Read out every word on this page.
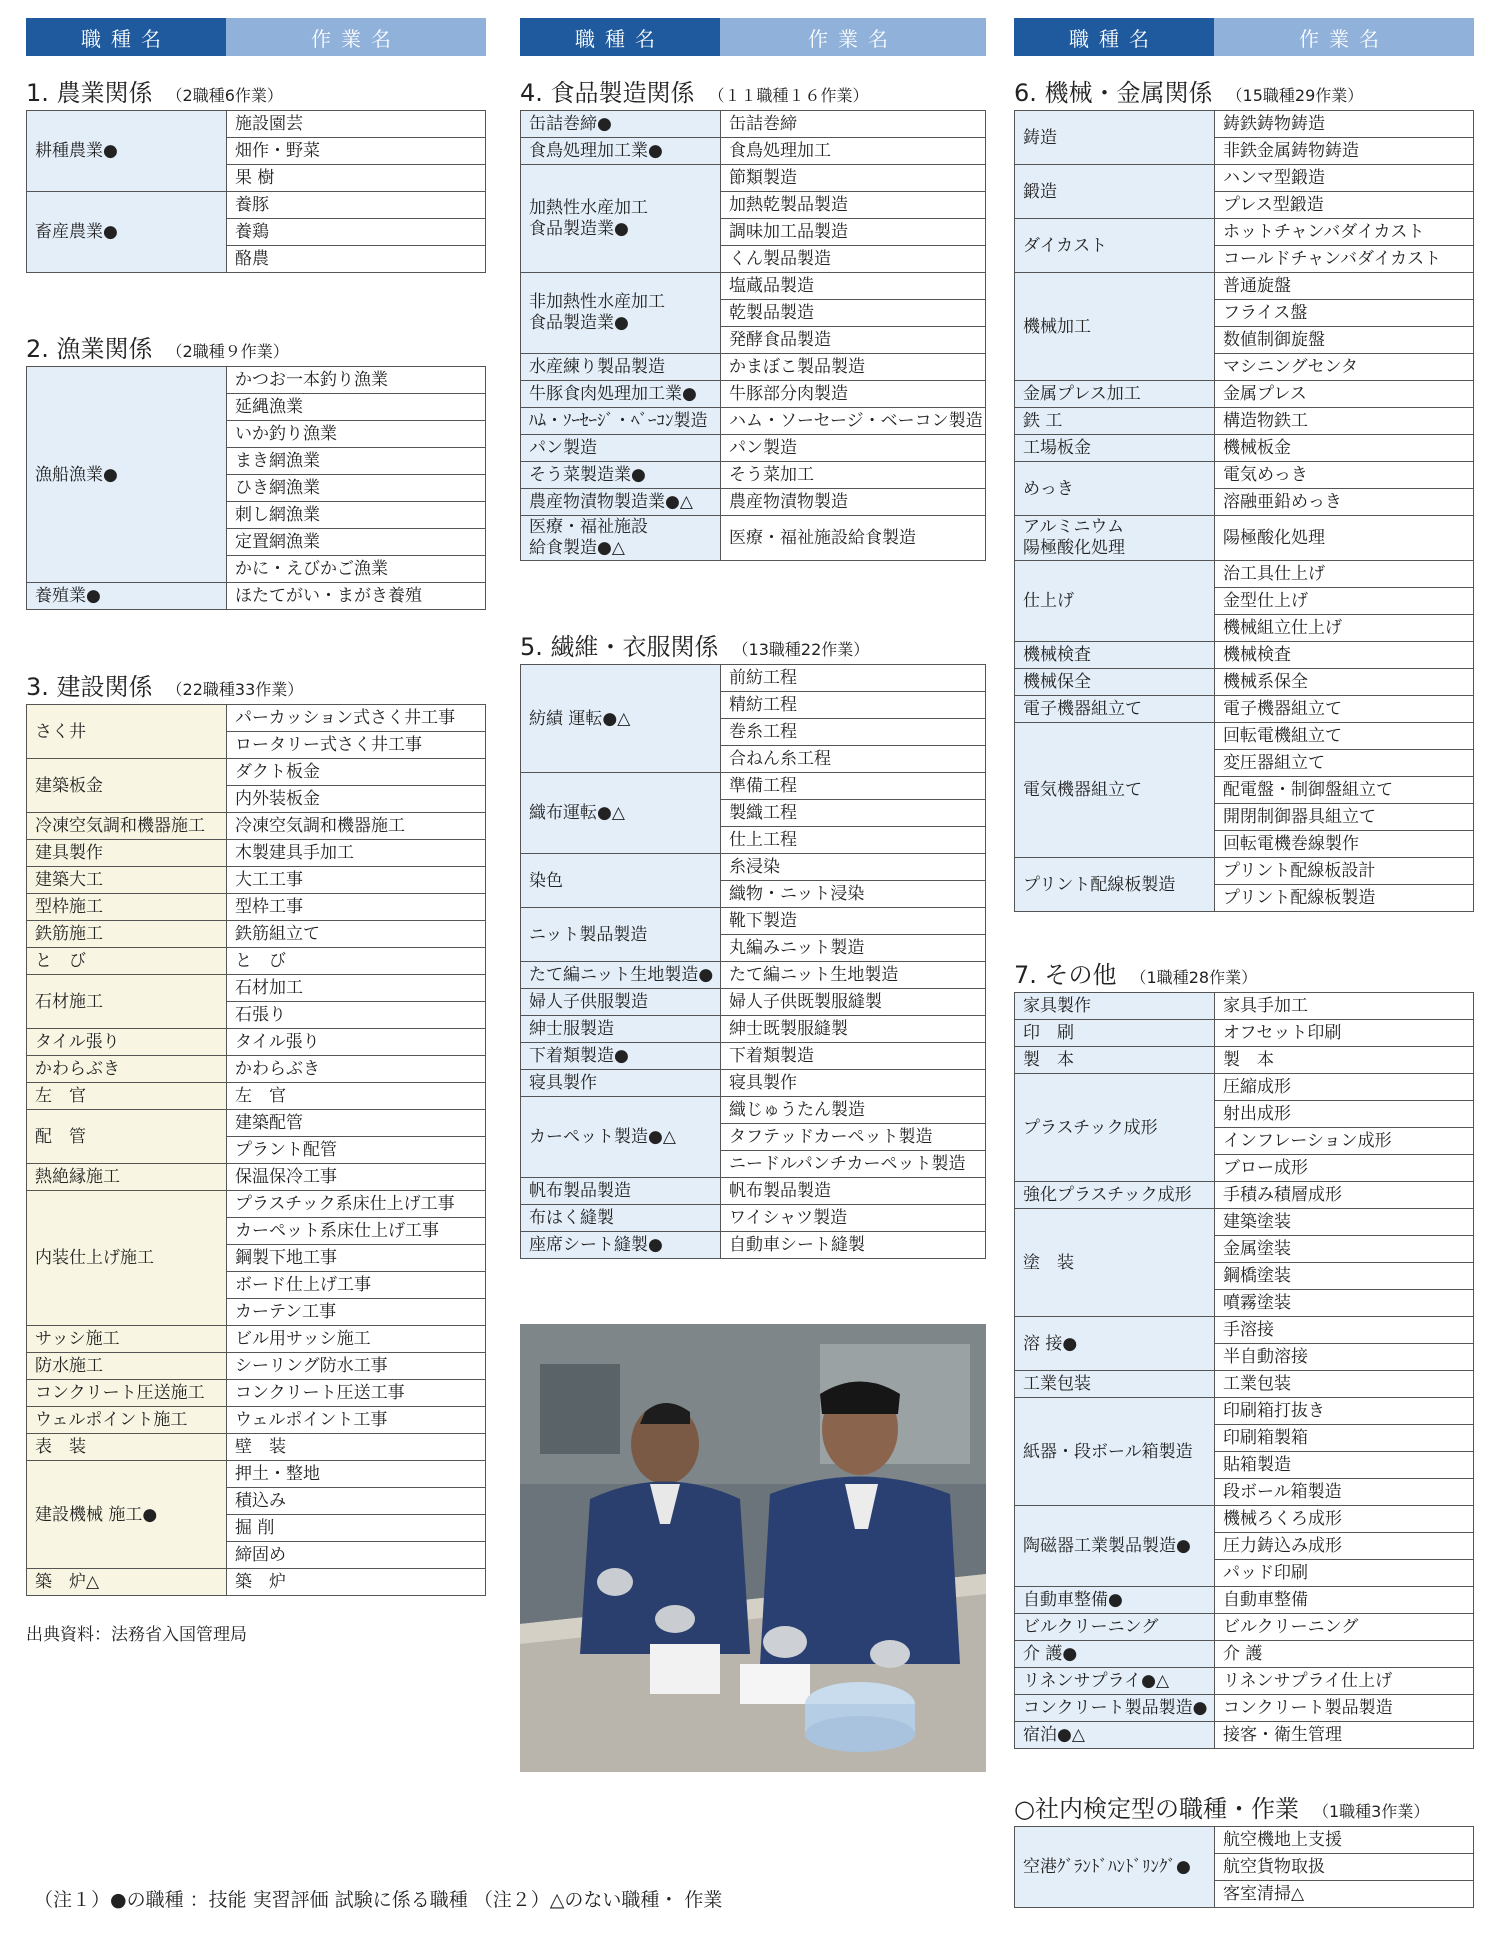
職種名	作業名
1. 農業関係 （2職種6作業）
耕種農業●	施設園芸
	畑作・野菜
	果 樹
畜産農業●	養豚
	養鶏
	酪農
2. 漁業関係 （2職種９作業）
漁船漁業●	かつお一本釣り漁業
	延縄漁業
	いか釣り漁業
	まき網漁業
	ひき網漁業
	刺し網漁業
	定置網漁業
	かに・えびかご漁業
養殖業●	ほたてがい・まがき養殖
3. 建設関係 （22職種33作業）
さく井	パーカッション式さく井工事
	ロータリー式さく井工事
建築板金	ダクト板金
	内外装板金
冷凍空気調和機器施工	冷凍空気調和機器施工
建具製作	木製建具手加工
建築大工	大工工事
型枠施工	型枠工事
鉄筋施工	鉄筋組立て
と　び	と　び
石材施工	石材加工
	石張り
タイル張り	タイル張り
かわらぶき	かわらぶき
左　官	左　官
配　管	建築配管
	プラント配管
熱絶縁施工	保温保冷工事
内装仕上げ施工	プラスチック系床仕上げ工事
	カーペット系床仕上げ工事
	鋼製下地工事
	ボード仕上げ工事
	カーテン工事
サッシ施工	ビル用サッシ施工
防水施工	シーリング防水工事
コンクリート圧送施工	コンクリート圧送工事
ウェルポイント施工	ウェルポイント工事
表　装	壁　装
建設機械 施工●	押土・整地
	積込み
	掘 削
	締固め
築　炉△	築　炉
出典資料：法務省入国管理局
職種名	作業名
4. 食品製造関係 （１１職種１６作業）
缶詰巻締●	缶詰巻締
食鳥処理加工業●	食鳥処理加工
加熱性水産加工
食品製造業●	節類製造
	加熱乾製品製造
	調味加工品製造
	くん製品製造
非加熱性水産加工
食品製造業●	塩蔵品製造
	乾製品製造
	発酵食品製造
水産練り製品製造	かまぼこ製品製造
牛豚食肉処理加工業●	牛豚部分肉製造
ﾊﾑ・ｿｰｾｰｼﾞ・ﾍﾞｰｺﾝ製造	ハム・ソーセージ・ベーコン製造
パン製造	パン製造
そう菜製造業●	そう菜加工
農産物漬物製造業●△	農産物漬物製造
医療・福祉施設
給食製造●△	医療・福祉施設給食製造
5. 繊維・衣服関係 （13職種22作業）
紡績 運転●△	前紡工程
	精紡工程
	巻糸工程
	合ねん糸工程
織布運転●△	準備工程
	製織工程
	仕上工程
染色	糸浸染
	織物・ニット浸染
ニット製品製造	靴下製造
	丸編みニット製造
たて編ニット生地製造●	たて編ニット生地製造
婦人子供服製造	婦人子供既製服縫製
紳士服製造	紳士既製服縫製
下着類製造●	下着類製造
寝具製作	寝具製作
カーペット製造●△	織じゅうたん製造
	タフテッドカーペット製造
	ニードルパンチカーペット製造
帆布製品製造	帆布製品製造
布はく縫製	ワイシャツ製造
座席シート縫製●	自動車シート縫製
職種名	作業名
6. 機械・金属関係 （15職種29作業）
鋳造	鋳鉄鋳物鋳造
	非鉄金属鋳物鋳造
鍛造	ハンマ型鍛造
	プレス型鍛造
ダイカスト	ホットチャンバダイカスト
	コールドチャンバダイカスト
機械加工	普通旋盤
	フライス盤
	数値制御旋盤
	マシニングセンタ
金属プレス加工	金属プレス
鉄 工	構造物鉄工
工場板金	機械板金
めっき	電気めっき
	溶融亜鉛めっき
アルミニウム
陽極酸化処理	陽極酸化処理
仕上げ	治工具仕上げ
	金型仕上げ
	機械組立仕上げ
機械検査	機械検査
機械保全	機械系保全
電子機器組立て	電子機器組立て
電気機器組立て	回転電機組立て
	変圧器組立て
	配電盤・制御盤組立て
	開閉制御器具組立て
	回転電機巻線製作
プリント配線板製造	プリント配線板設計
	プリント配線板製造
7. その他 （1職種28作業）
家具製作	家具手加工
印　刷	オフセット印刷
製　本	製　本
プラスチック成形	圧縮成形
	射出成形
	インフレーション成形
	ブロー成形
強化プラスチック成形	手積み積層成形
塗　装	建築塗装
	金属塗装
	鋼橋塗装
	噴霧塗装
溶 接●	手溶接
	半自動溶接
工業包装	工業包装
紙器・段ボール箱製造	印刷箱打抜き
	印刷箱製箱
	貼箱製造
	段ボール箱製造
陶磁器工業製品製造●	機械ろくろ成形
	圧力鋳込み成形
	パッド印刷
自動車整備●	自動車整備
ビルクリーニング	ビルクリーニング
介 護●	介 護
リネンサプライ●△	リネンサプライ仕上げ
コンクリート製品製造●	コンクリート製品製造
宿泊●△	接客・衛生管理
○社内検定型の職種・作業 （1職種3作業）
空港ｸﾞﾗﾝﾄﾞﾊﾝﾄﾞﾘﾝｸﾞ●	航空機地上支援
航空貨物取扱
客室清掃△
（注１）●の職種 ：技能 実習評価 試験に係る職種 （注２）△のない職種・ 作業
